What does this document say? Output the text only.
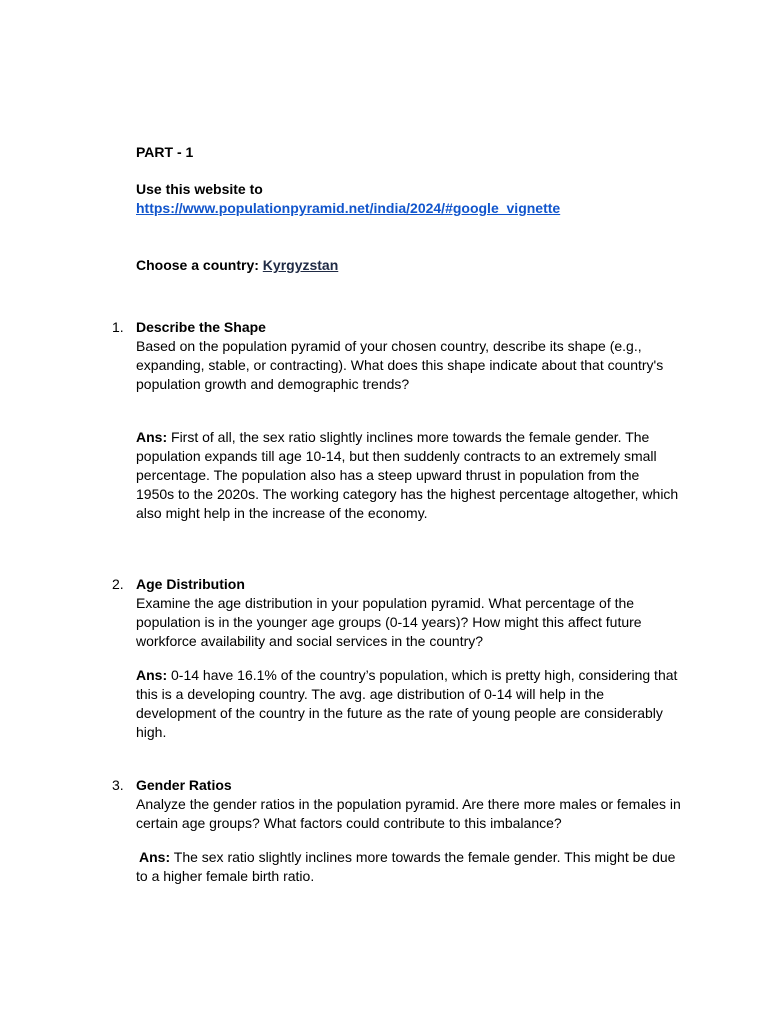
PART - 1

Use this website to

https://www.populationpyramid.net/india/2024/#google_vignette

Choose a country: Kyrgyzstan

1. Describe the Shape

Based on the population pyramid of your chosen country, describe its shape (e.g., expanding, stable, or contracting). What does this shape indicate about that country's population growth and demographic trends?

Ans: First of all, the sex ratio slightly inclines more towards the female gender. The population expands till age 10-14, but then suddenly contracts to an extremely small percentage. The population also has a steep upward thrust in population from the 1950s to the 2020s. The working category has the highest percentage altogether, which also might help in the increase of the economy.

2. Age Distribution

Examine the age distribution in your population pyramid. What percentage of the population is in the younger age groups (0-14 years)? How might this affect future workforce availability and social services in the country?

Ans: 0-14 have 16.1% of the country’s population, which is pretty high, considering that this is a developing country. The avg. age distribution of 0-14 will help in the development of the country in the future as the rate of young people are considerably high.

3. Gender Ratios

Analyze the gender ratios in the population pyramid. Are there more males or females in certain age groups? What factors could contribute to this imbalance?

Ans: The sex ratio slightly inclines more towards the female gender. This might be due to a higher female birth ratio.
